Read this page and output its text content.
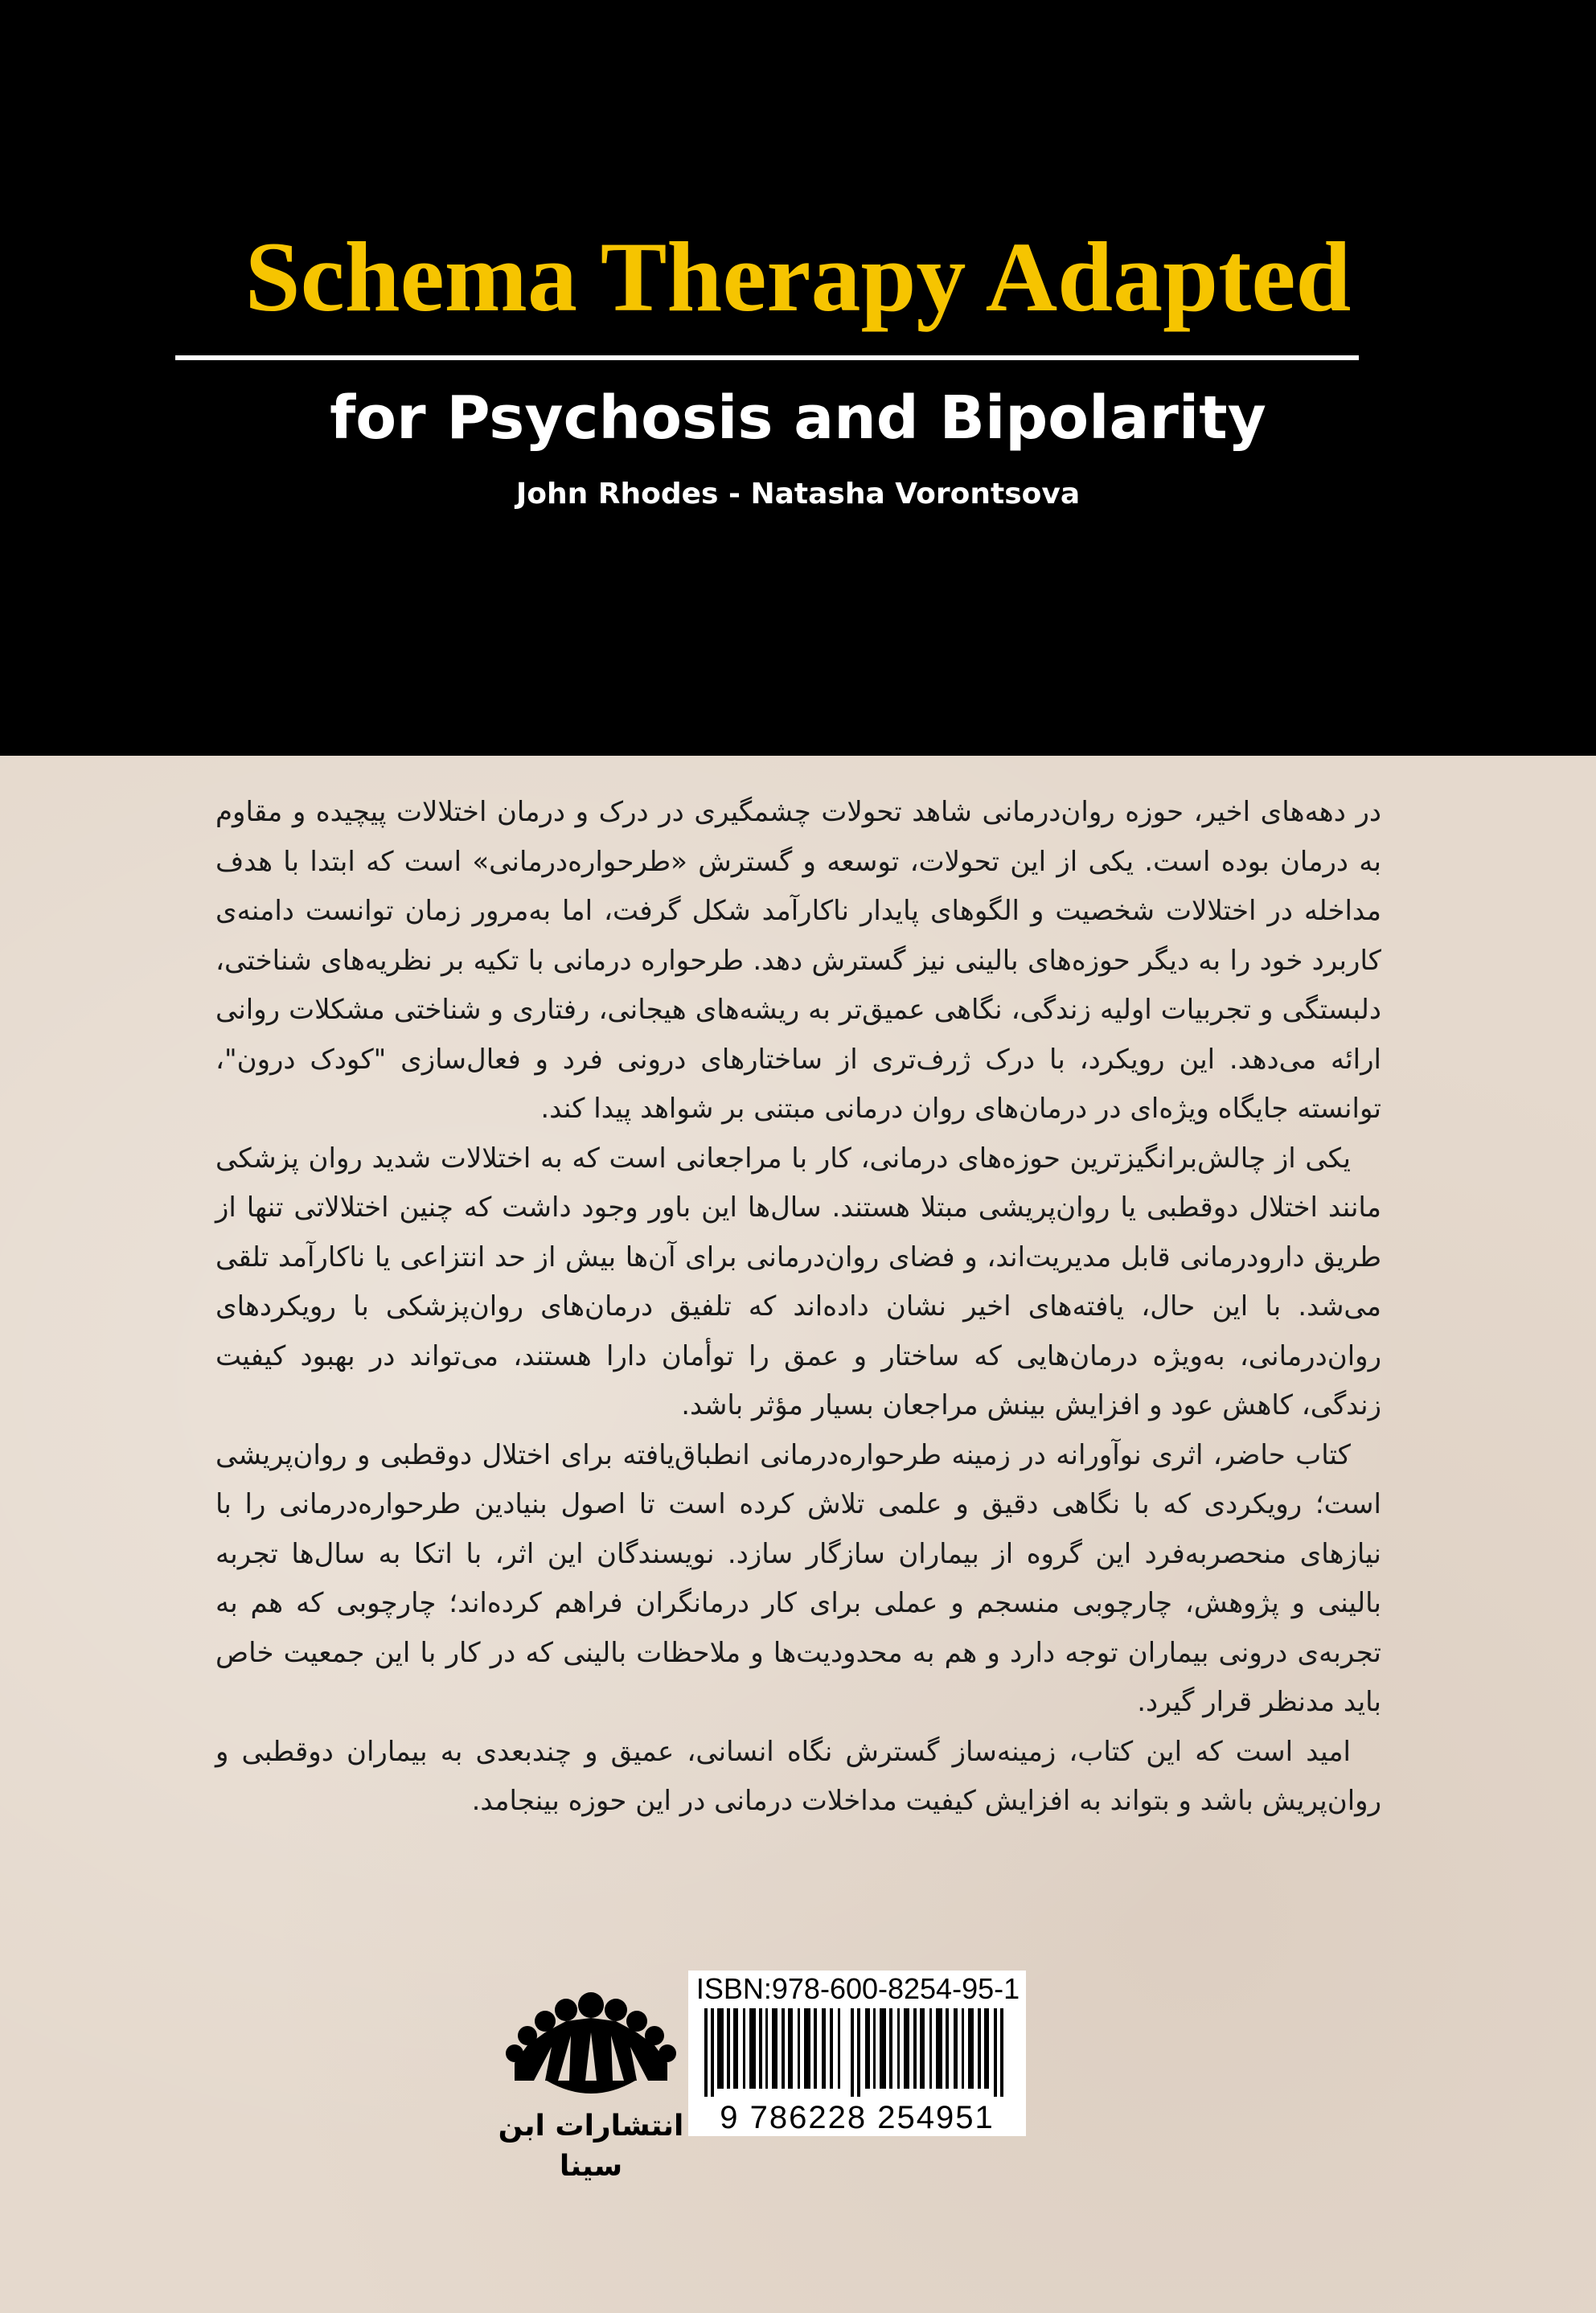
Schema Therapy Adapted
for Psychosis and Bipolarity
John Rhodes - Natasha Vorontsova

در دهه‌های اخیر، حوزه روان‌درمانی شاهد تحولات چشمگیری در درک و درمان اختلالات پیچیده و مقاوم به درمان بوده است. یکی از این تحولات، توسعه و گسترش «طرحواره‌درمانی» است که ابتدا با هدف مداخله در اختلالات شخصیت و الگوهای پایدار ناکارآمد شکل گرفت، اما به‌مرور زمان توانست دامنه‌ی کاربرد خود را به دیگر حوزه‌های بالینی نیز گسترش دهد. طرحواره درمانی با تکیه بر نظریه‌های شناختی، دلبستگی و تجربیات اولیه زندگی، نگاهی عمیق‌تر به ریشه‌های هیجانی، رفتاری و شناختی مشکلات روانی ارائه می‌دهد. این رویکرد، با درک ژرف‌تری از ساختارهای درونی فرد و فعال‌سازی "کودک درون"، توانسته جایگاه ویژه‌ای در درمان‌های روان درمانی مبتنی بر شواهد پیدا کند.

یکی از چالش‌برانگیزترین حوزه‌های درمانی، کار با مراجعانی است که به اختلالات شدید روان پزشکی مانند اختلال دوقطبی یا روان‌پریشی مبتلا هستند. سال‌ها این باور وجود داشت که چنین اختلالاتی تنها از طریق دارودرمانی قابل مدیریت‌اند، و فضای روان‌درمانی برای آن‌ها بیش از حد انتزاعی یا ناکارآمد تلقی می‌شد. با این حال، یافته‌های اخیر نشان داده‌اند که تلفیق درمان‌های روان‌پزشکی با رویکردهای روان‌درمانی، به‌ویژه درمان‌هایی که ساختار و عمق را توأمان دارا هستند، می‌تواند در بهبود کیفیت زندگی، کاهش عود و افزایش بینش مراجعان بسیار مؤثر باشد.

کتاب حاضر، اثری نوآورانه در زمینه طرحواره‌درمانی انطباق‌یافته برای اختلال دوقطبی و روان‌پریشی است؛ رویکردی که با نگاهی دقیق و علمی تلاش کرده است تا اصول بنیادین طرحواره‌درمانی را با نیازهای منحصربه‌فرد این گروه از بیماران سازگار سازد. نویسندگان این اثر، با اتکا به سال‌ها تجربه بالینی و پژوهش، چارچوبی منسجم و عملی برای کار درمانگران فراهم کرده‌اند؛ چارچوبی که هم به تجربه‌ی درونی بیماران توجه دارد و هم به محدودیت‌ها و ملاحظات بالینی که در کار با این جمعیت خاص باید مدنظر قرار گیرد.

امید است که این کتاب، زمینه‌ساز گسترش نگاه انسانی، عمیق و چندبعدی به بیماران دوقطبی و روان‌پریش باشد و بتواند به افزایش کیفیت مداخلات درمانی در این حوزه بینجامد.

انتشارات ابن سینا
ISBN:978-600-8254-95-1
9 786228 254951
